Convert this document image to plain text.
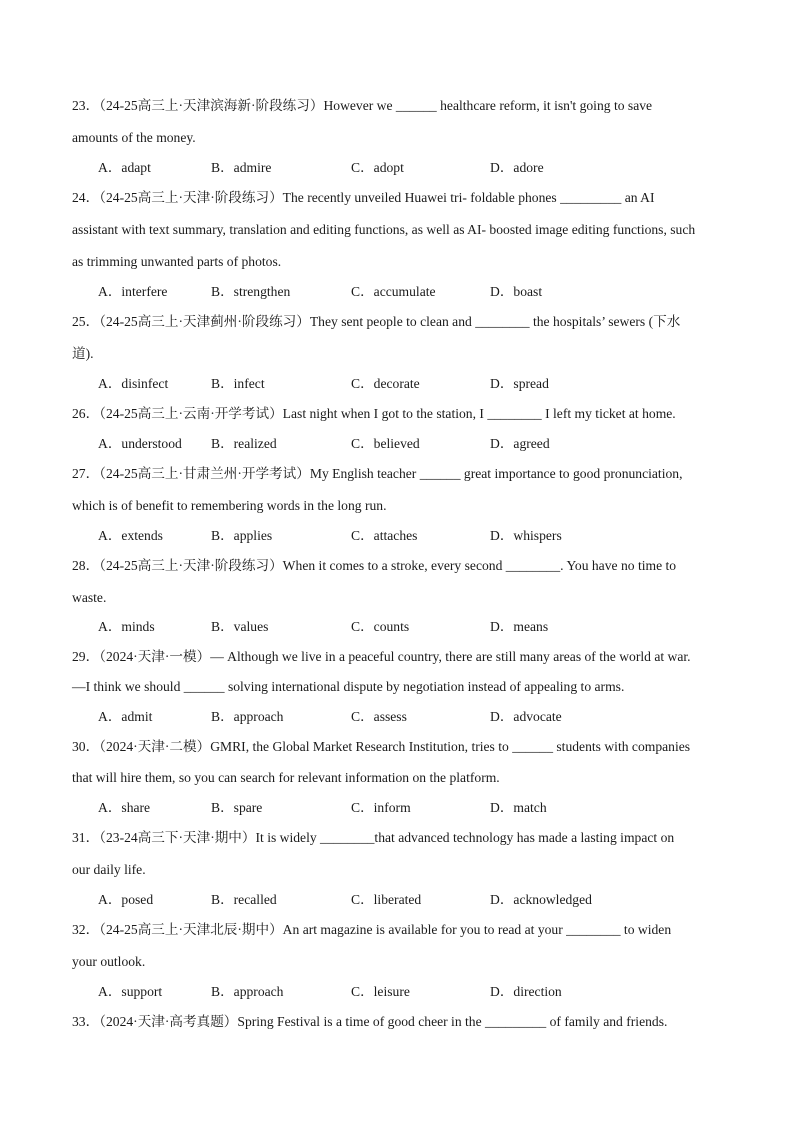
23．（24-25高三上·天津滨海新·阶段练习）However we ______ healthcare reform, it isn't going to save
amounts of the money.
A．adapt	B．admire	C．adopt	D．adore
24．（24-25高三上·天津·阶段练习）The recently unveiled Huawei tri- foldable phones _________ an AI
assistant with text summary, translation and editing functions, as well as AI- boosted image editing functions, such
as trimming unwanted parts of photos.
A．interfere	B．strengthen	C．accumulate	D．boast
25．（24-25高三上·天津蓟州·阶段练习）They sent people to clean and ________ the hospitals’ sewers (下水
道).
A．disinfect	B．infect	C．decorate	D．spread
26．（24-25高三上·云南·开学考试）Last night when I got to the station, I ________ I left my ticket at home.
A．understood B．realized	C．believed	D．agreed
27．（24-25高三上·甘肃兰州·开学考试）My English teacher ______ great importance to good pronunciation,
which is of benefit to remembering words in the long run.
A．extends	B．applies	C．attaches	D．whispers
28．（24-25高三上·天津·阶段练习）When it comes to a stroke, every second ________. You have no time to
waste.
A．minds	B．values	C．counts	D．means
29．（2024·天津·一模）— Although we live in a peaceful country, there are still many areas of the world at war.
—I think we should ______ solving international dispute by negotiation instead of appealing to arms.
A．admit	B．approach	C．assess	D．advocate
30．（2024·天津·二模）GMRI, the Global Market Research Institution, tries to ______ students with companies
that will hire them, so you can search for relevant information on the platform.
A．share	B．spare	C．inform	D．match
31．（23-24高三下·天津·期中）It is widely ________that advanced technology has made a lasting impact on
our daily life.
A．posed	B．recalled	C．liberated	D．acknowledged
32．（24-25高三上·天津北辰·期中）An art magazine is available for you to read at your ________ to widen
your outlook.
A．support	B．approach	C．leisure	D．direction
33．（2024·天津·高考真题）Spring Festival is a time of good cheer in the _________ of family and friends.
